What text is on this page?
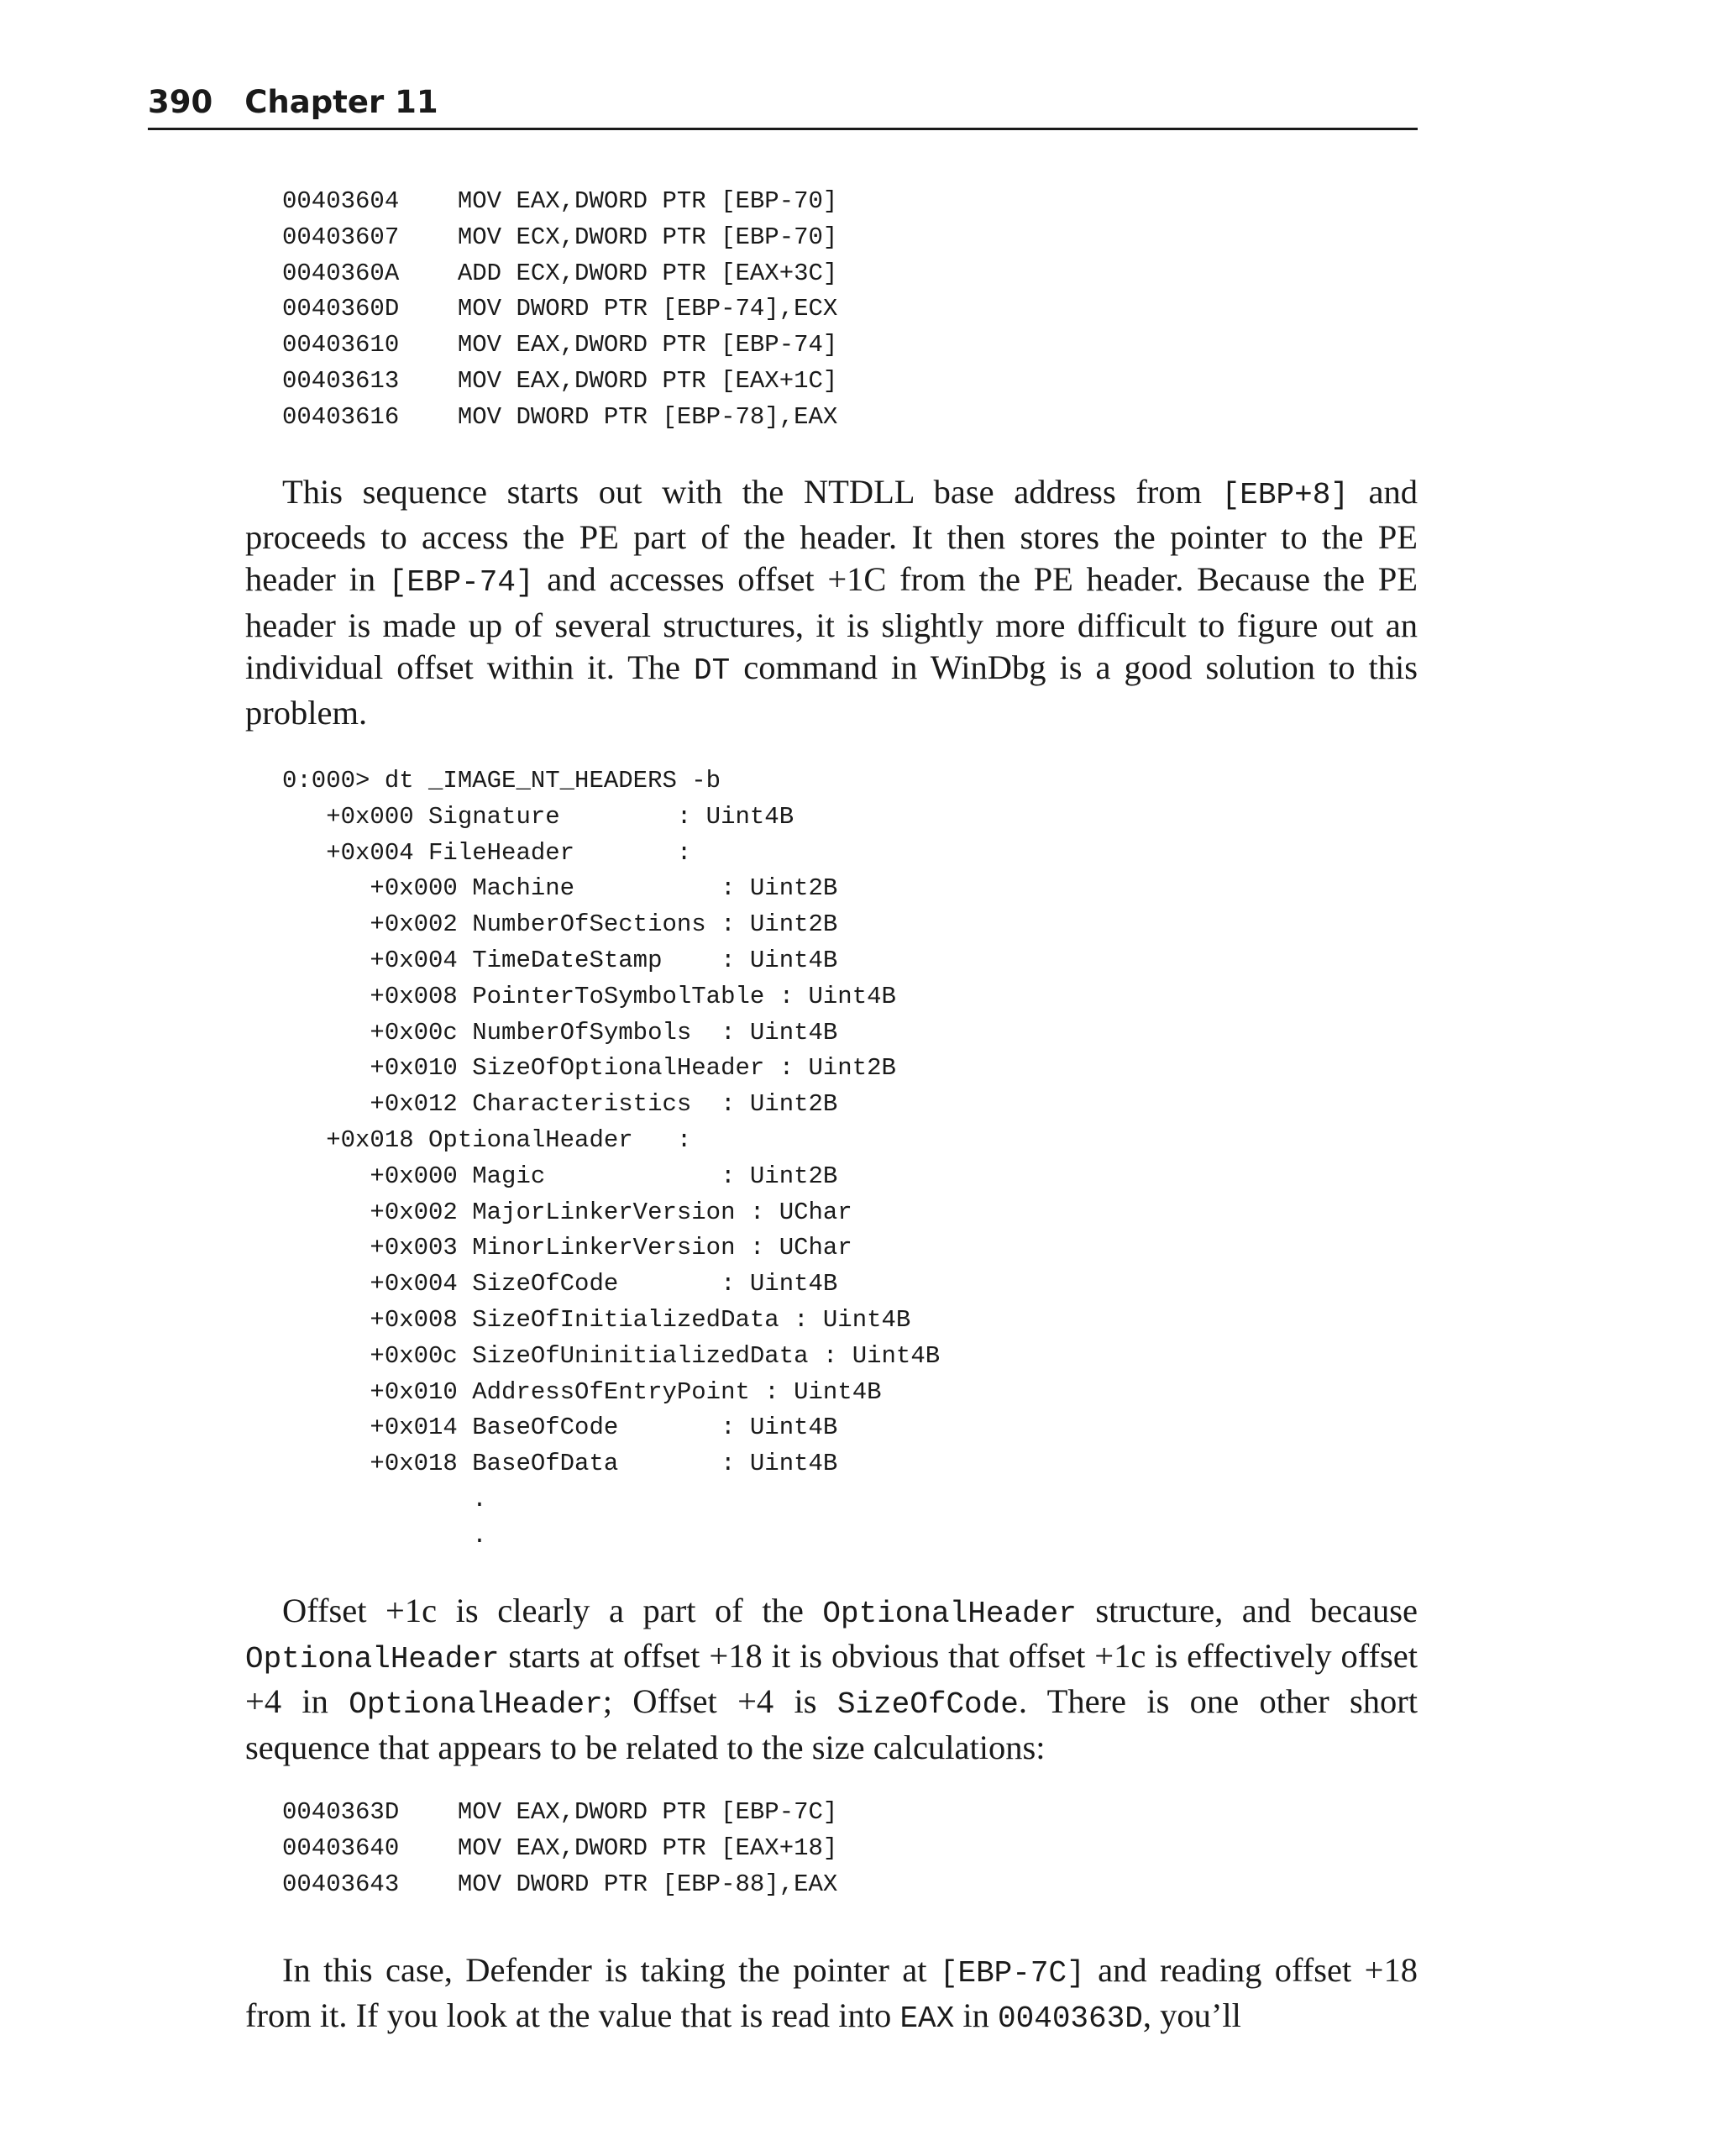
390 Chapter 11
00403604    MOV EAX,DWORD PTR [EBP-70]
00403607    MOV ECX,DWORD PTR [EBP-70]
0040360A    ADD ECX,DWORD PTR [EAX+3C]
0040360D    MOV DWORD PTR [EBP-74],ECX
00403610    MOV EAX,DWORD PTR [EBP-74]
00403613    MOV EAX,DWORD PTR [EAX+1C]
00403616    MOV DWORD PTR [EBP-78],EAX

This sequence starts out with the NTDLL base address from [EBP+8] and proceeds to access the PE part of the header. It then stores the pointer to the PE header in [EBP-74] and accesses offset +1C from the PE header. Because the PE header is made up of several structures, it is slightly more difficult to figure out an individual offset within it. The DT command in WinDbg is a good solution to this problem.

0:000> dt _IMAGE_NT_HEADERS -b
+0x000 Signature        : Uint4B
+0x004 FileHeader       :
+0x000 Machine          : Uint2B
+0x002 NumberOfSections : Uint2B
+0x004 TimeDateStamp    : Uint4B
+0x008 PointerToSymbolTable : Uint4B
+0x00c NumberOfSymbols  : Uint4B
+0x010 SizeOfOptionalHeader : Uint2B
+0x012 Characteristics  : Uint2B
+0x018 OptionalHeader   :
+0x000 Magic            : Uint2B
+0x002 MajorLinkerVersion : UChar
+0x003 MinorLinkerVersion : UChar
+0x004 SizeOfCode       : Uint4B
+0x008 SizeOfInitializedData : Uint4B
+0x00c SizeOfUninitializedData : Uint4B
+0x010 AddressOfEntryPoint : Uint4B
+0x014 BaseOfCode       : Uint4B
+0x018 BaseOfData       : Uint4B
.
.

Offset +1c is clearly a part of the OptionalHeader structure, and because OptionalHeader starts at offset +18 it is obvious that offset +1c is effectively offset +4 in OptionalHeader; Offset +4 is SizeOfCode. There is one other short sequence that appears to be related to the size calculations:

0040363D    MOV EAX,DWORD PTR [EBP-7C]
00403640    MOV EAX,DWORD PTR [EAX+18]
00403643    MOV DWORD PTR [EBP-88],EAX

In this case, Defender is taking the pointer at [EBP-7C] and reading offset +18 from it. If you look at the value that is read into EAX in 0040363D, you’ll
